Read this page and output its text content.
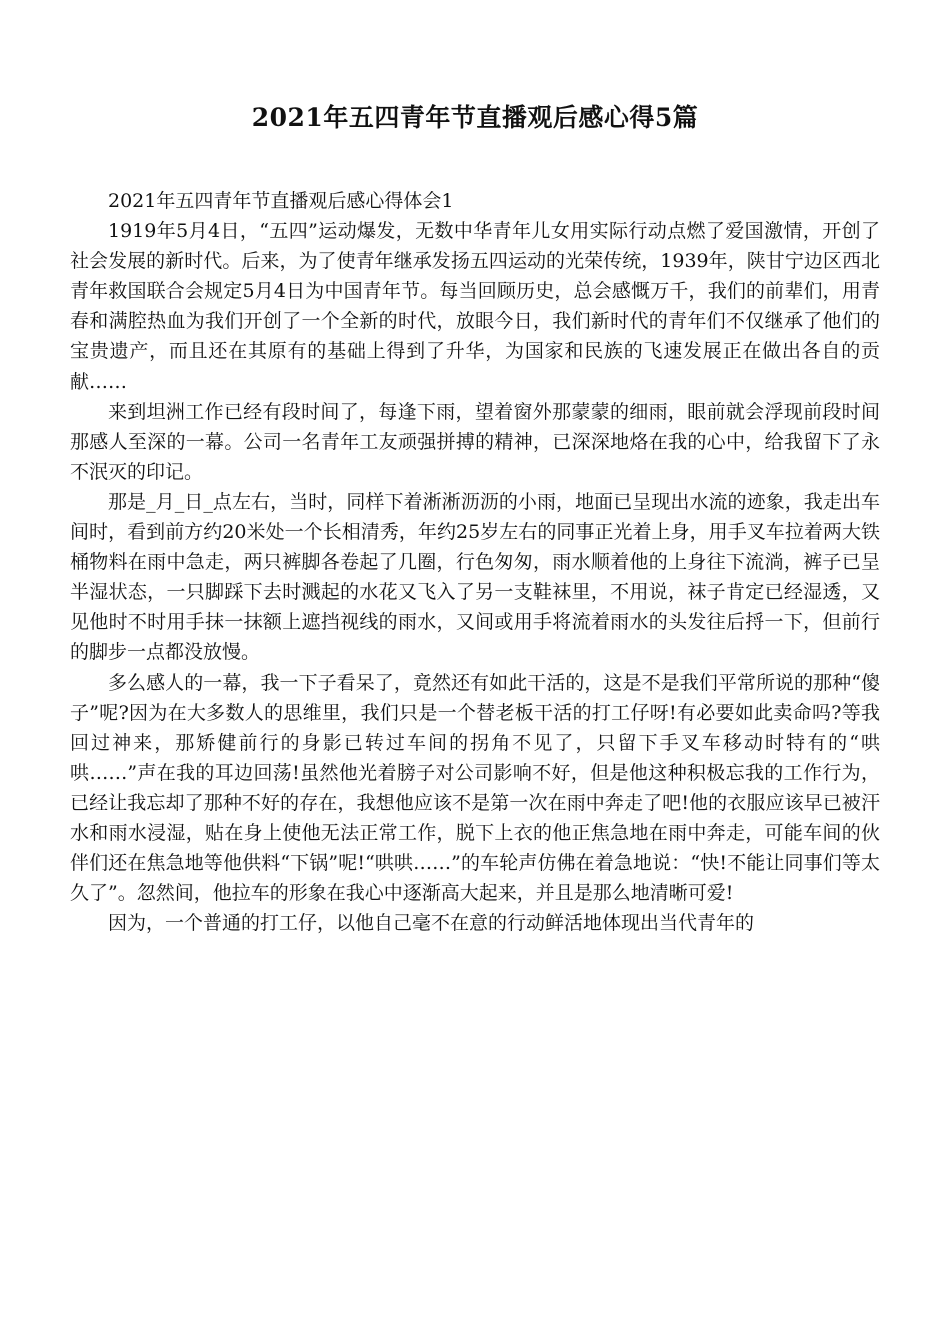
2021年五四青年节直播观后感心得5篇

2021年五四青年节直播观后感心得体会1

1919年5月4日，“五四”运动爆发，无数中华青年儿女用实际行动点燃了爱国激情，开创了社会发展的新时代。后来，为了使青年继承发扬五四运动的光荣传统，1939年，陕甘宁边区西北青年救国联合会规定5月4日为中国青年节。每当回顾历史，总会感慨万千，我们的前辈们，用青春和满腔热血为我们开创了一个全新的时代，放眼今日，我们新时代的青年们不仅继承了他们的宝贵遗产，而且还在其原有的基础上得到了升华，为国家和民族的飞速发展正在做出各自的贡献……

来到坦洲工作已经有段时间了，每逢下雨，望着窗外那蒙蒙的细雨，眼前就会浮现前段时间那感人至深的一幕。公司一名青年工友顽强拼搏的精神，已深深地烙在我的心中，给我留下了永不泯灭的印记。

那是_月_日_点左右，当时，同样下着淅淅沥沥的小雨，地面已呈现出水流的迹象，我走出车间时，看到前方约20米处一个长相清秀，年约25岁左右的同事正光着上身，用手叉车拉着两大铁桶物料在雨中急走，两只裤脚各卷起了几圈，行色匆匆，雨水顺着他的上身往下流淌，裤子已呈半湿状态，一只脚踩下去时溅起的水花又飞入了另一支鞋袜里，不用说，袜子肯定已经湿透，又见他时不时用手抹一抹额上遮挡视线的雨水，又间或用手将流着雨水的头发往后捋一下，但前行的脚步一点都没放慢。

多么感人的一幕，我一下子看呆了，竟然还有如此干活的，这是不是我们平常所说的那种“傻子”呢?因为在大多数人的思维里，我们只是一个替老板干活的打工仔呀!有必要如此卖命吗?等我回过神来，那矫健前行的身影已转过车间的拐角不见了，只留下手叉车移动时特有的“哄哄……”声在我的耳边回荡!虽然他光着膀子对公司影响不好，但是他这种积极忘我的工作行为，已经让我忘却了那种不好的存在，我想他应该不是第一次在雨中奔走了吧!他的衣服应该早已被汗水和雨水浸湿，贴在身上使他无法正常工作，脱下上衣的他正焦急地在雨中奔走，可能车间的伙伴们还在焦急地等他供料“下锅”呢!“哄哄……”的车轮声仿佛在着急地说：“快!不能让同事们等太久了”。忽然间，他拉车的形象在我心中逐渐高大起来，并且是那么地清晰可爱!

因为，一个普通的打工仔，以他自己毫不在意的行动鲜活地体现出当代青年的
